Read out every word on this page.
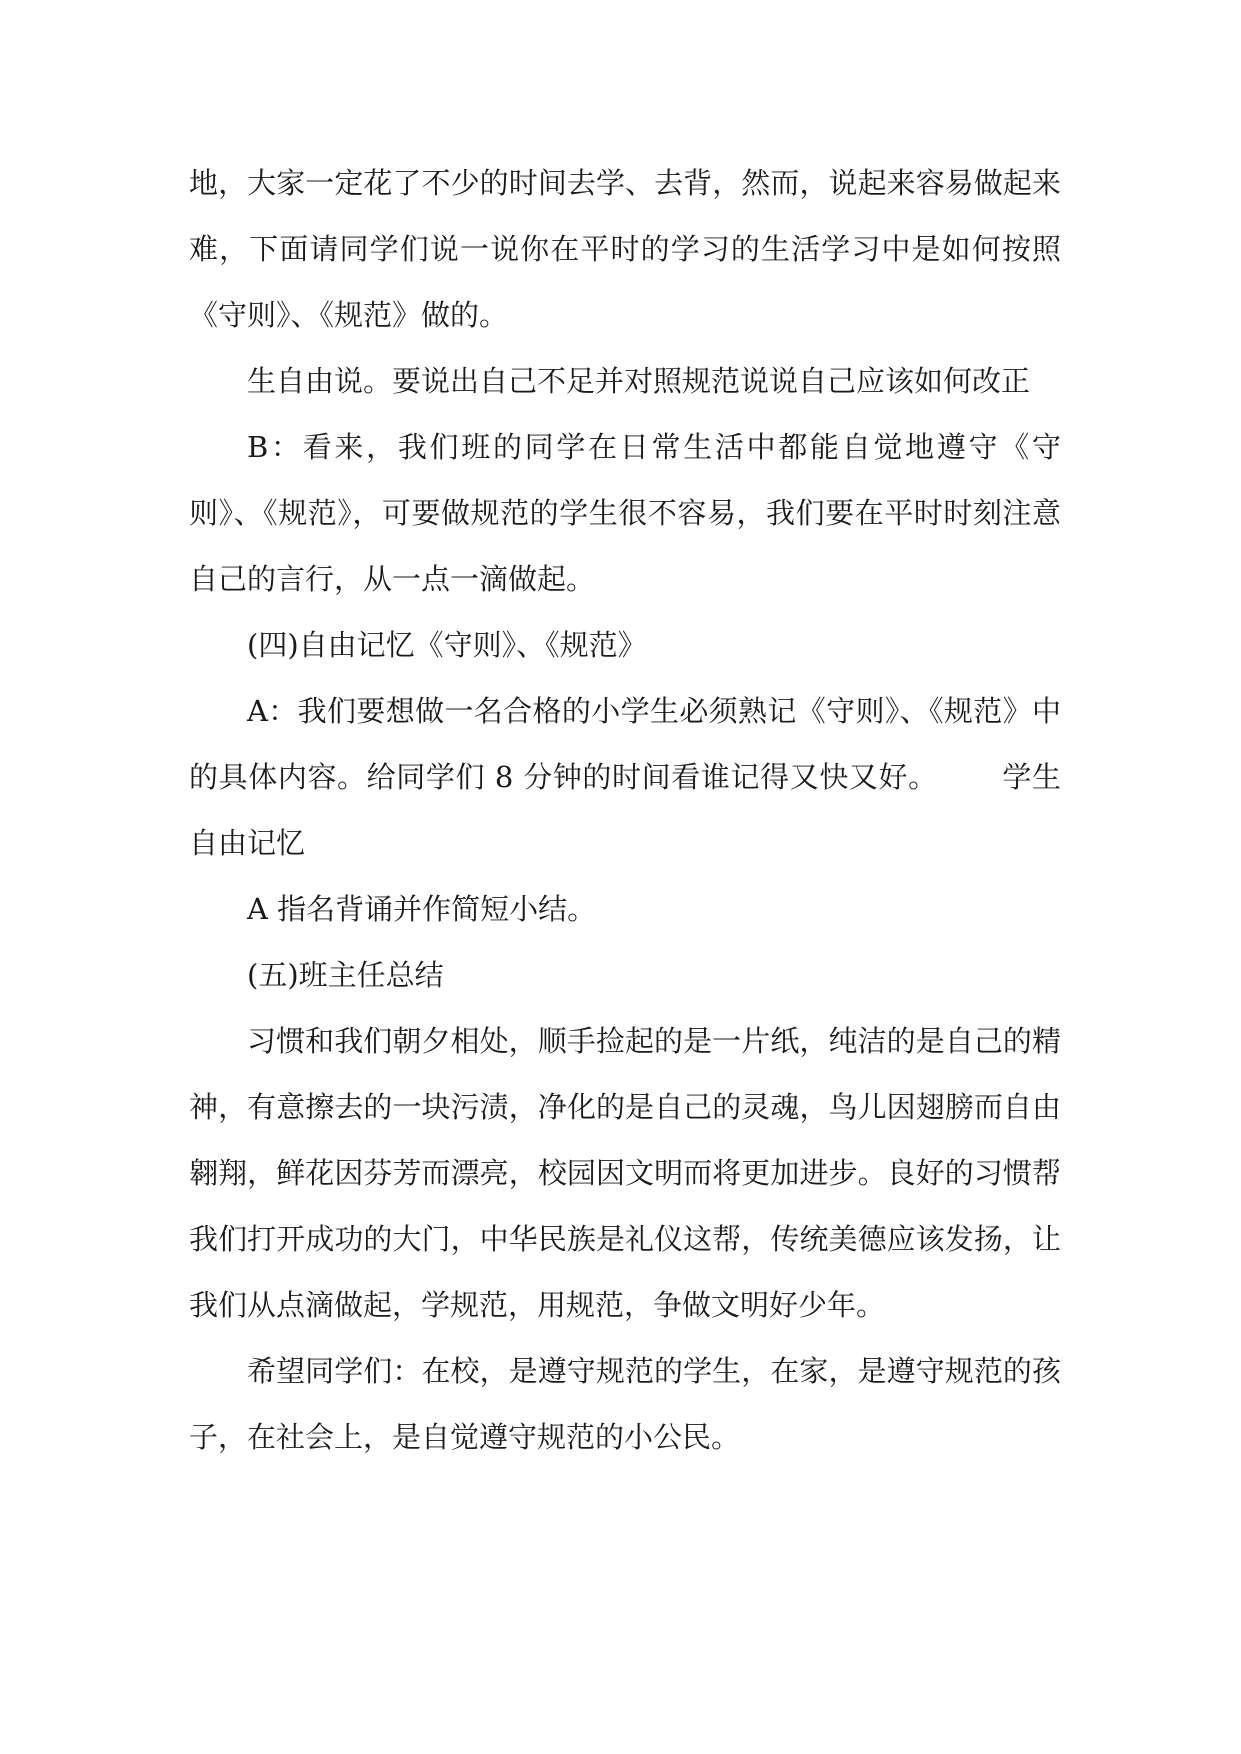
地，大家一定花了不少的时间去学、去背，然而，说起来容易做起来难，下面请同学们说一说你在平时的学习的生活学习中是如何按照《守则》、《规范》做的。

生自由说。要说出自己不足并对照规范说说自己应该如何改正

B：看来，我们班的同学在日常生活中都能自觉地遵守《守则》、《规范》，可要做规范的学生很不容易，我们要在平时时刻注意自己的言行，从一点一滴做起。

(四)自由记忆《守则》、《规范》

A：我们要想做一名合格的小学生必须熟记《守则》、《规范》中的具体内容。给同学们 8 分钟的时间看谁记得又快又好。 学生自由记忆

A 指名背诵并作简短小结。

(五)班主任总结

习惯和我们朝夕相处，顺手捡起的是一片纸，纯洁的是自己的精神，有意擦去的一块污渍，净化的是自己的灵魂，鸟儿因翅膀而自由翱翔，鲜花因芬芳而漂亮，校园因文明而将更加进步。良好的习惯帮我们打开成功的大门，中华民族是礼仪这帮，传统美德应该发扬，让我们从点滴做起，学规范，用规范，争做文明好少年。

希望同学们：在校，是遵守规范的学生，在家，是遵守规范的孩子，在社会上，是自觉遵守规范的小公民。
